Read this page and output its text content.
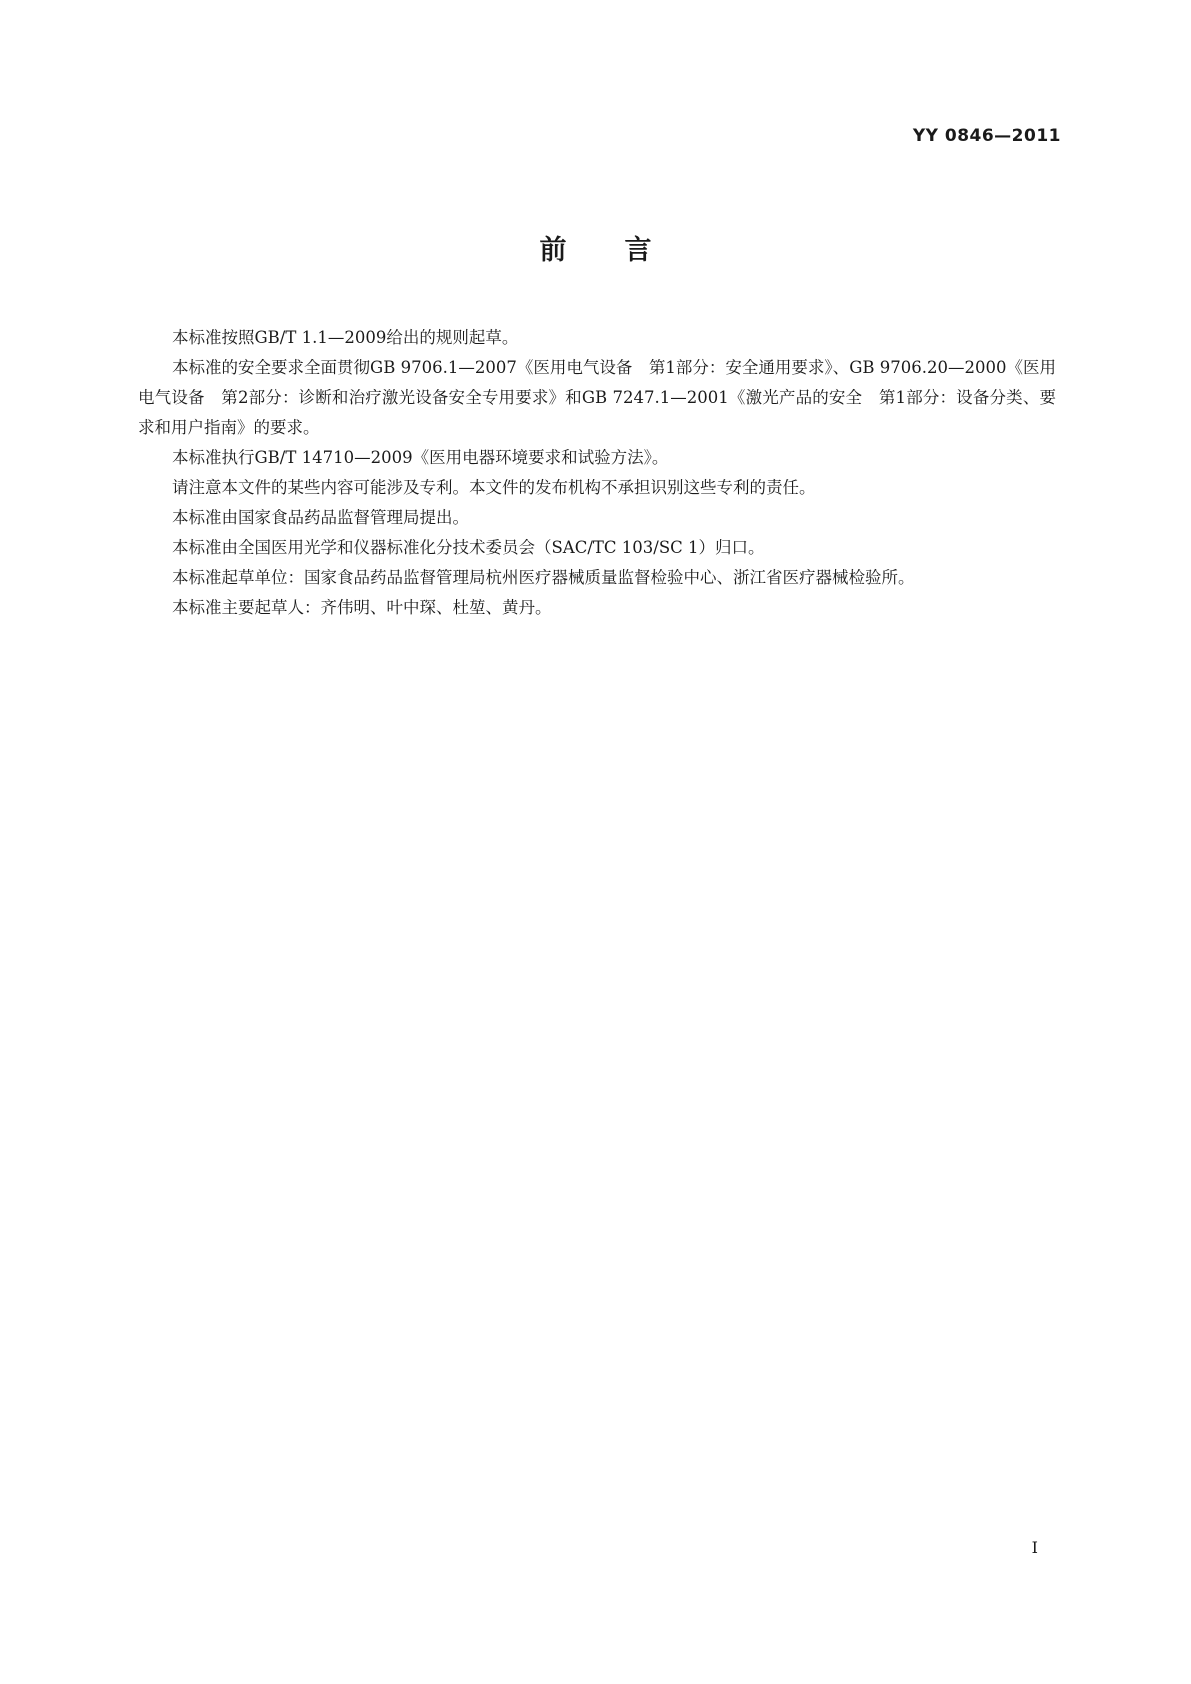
YY 0846—2011
前言

本标准按照GB/T 1.1—2009给出的规则起草。

本标准的安全要求全面贯彻GB 9706.1—2007《医用电气设备　第1部分：安全通用要求》、GB 9706.20—2000《医用电气设备　第2部分：诊断和治疗激光设备安全专用要求》和GB 7247.1—2001《激光产品的安全　第1部分：设备分类、要求和用户指南》的要求。

本标准执行GB/T 14710—2009《医用电器环境要求和试验方法》。

请注意本文件的某些内容可能涉及专利。本文件的发布机构不承担识别这些专利的责任。

本标准由国家食品药品监督管理局提出。

本标准由全国医用光学和仪器标准化分技术委员会（SAC/TC 103/SC 1）归口。

本标准起草单位：国家食品药品监督管理局杭州医疗器械质量监督检验中心、浙江省医疗器械检验所。

本标准主要起草人：齐伟明、叶中琛、杜堃、黄丹。

I
